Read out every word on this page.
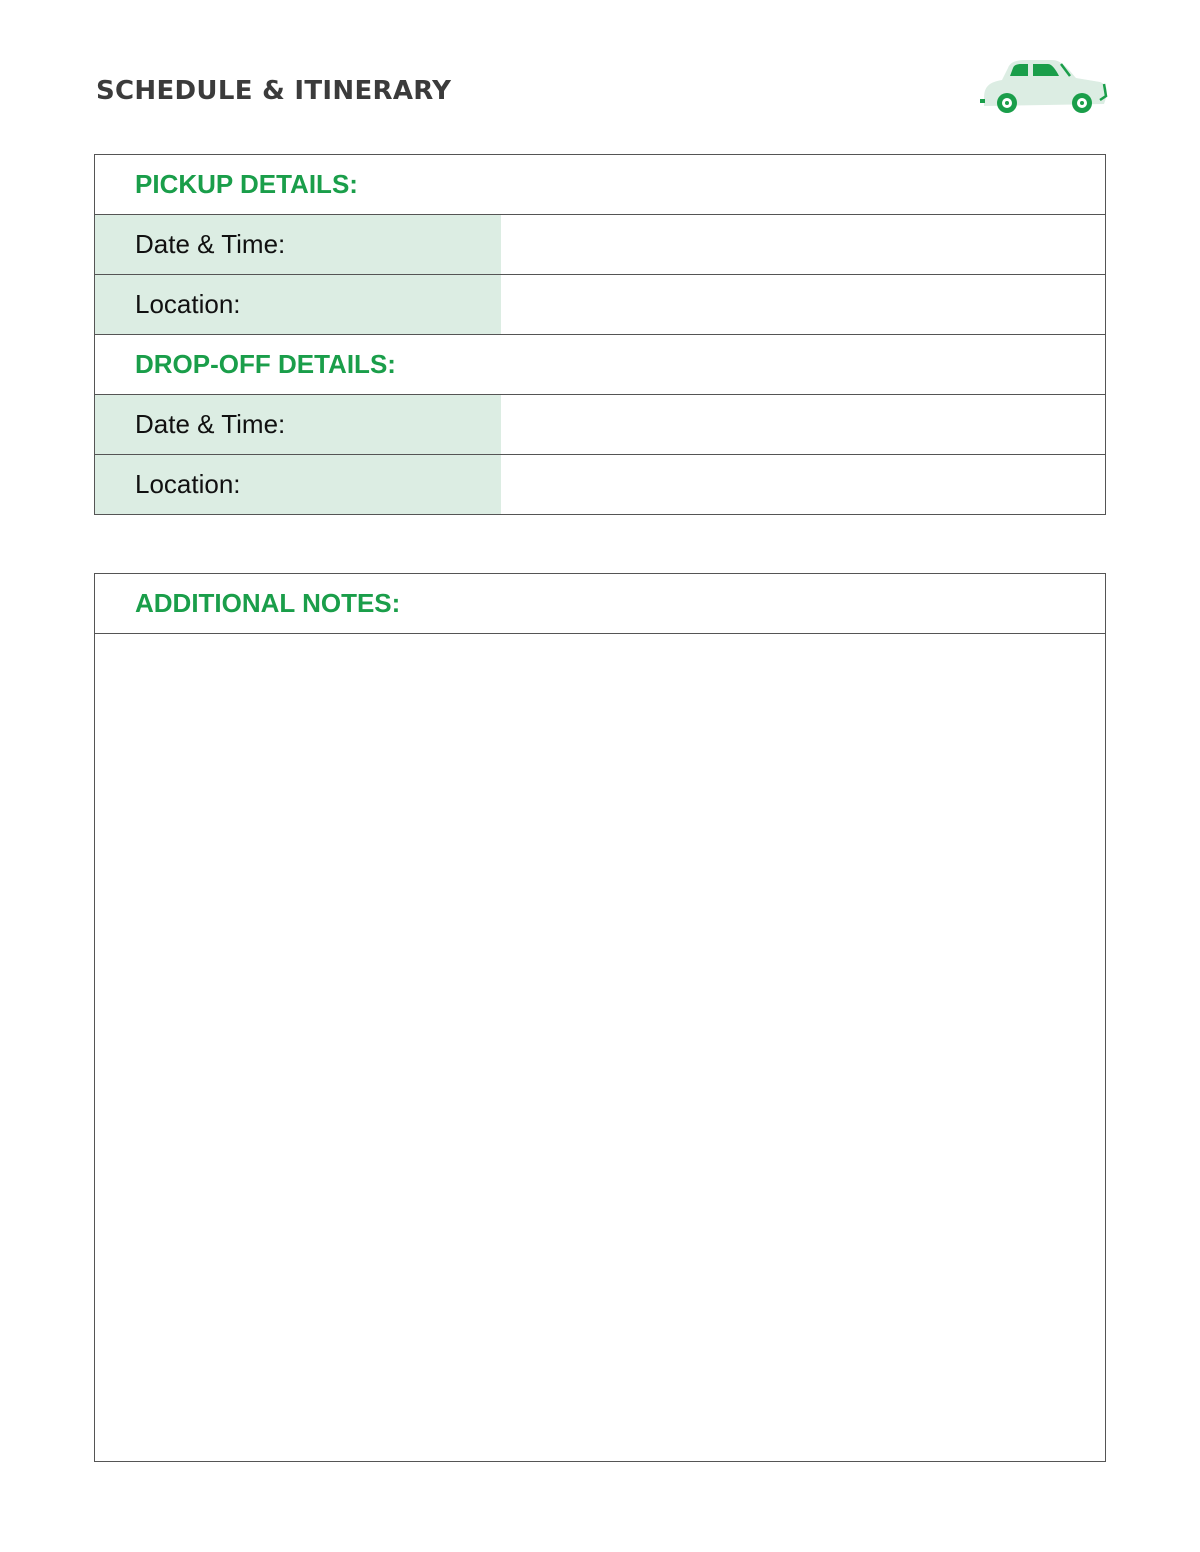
SCHEDULE & ITINERARY
PICKUP DETAILS:
Date & Time:
Location:
DROP-OFF DETAILS:
Date & Time:
Location:
ADDITIONAL NOTES:
